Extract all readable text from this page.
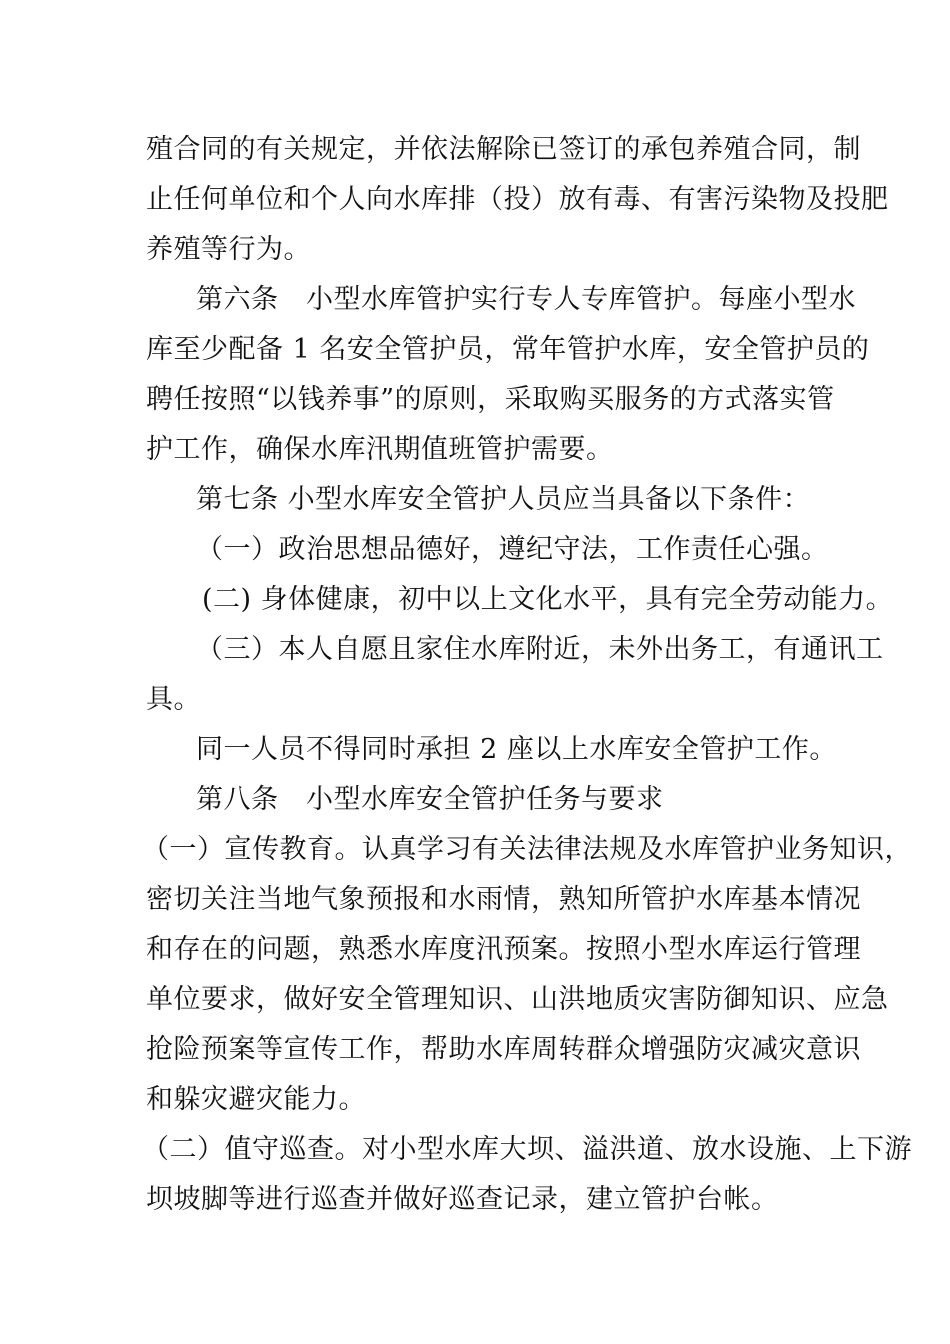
殖合同的有关规定，并依法解除已签订的承包养殖合同，制
止任何单位和个人向水库排（投）放有毒、有害污染物及投肥
养殖等行为。
第六条　小型水库管护实行专人专库管护。每座小型水
库至少配备 1 名安全管护员，常年管护水库，安全管护员的
聘任按照“以钱养事”的原则，采取购买服务的方式落实管
护工作，确保水库汛期值班管护需要。
第七条 小型水库安全管护人员应当具备以下条件：
（一）政治思想品德好，遵纪守法，工作责任心强。
(二) 身体健康，初中以上文化水平，具有完全劳动能力。
（三）本人自愿且家住水库附近，未外出务工，有通讯工
具。
同一人员不得同时承担 2 座以上水库安全管护工作。
第八条　小型水库安全管护任务与要求
（一）宣传教育。认真学习有关法律法规及水库管护业务知识，
密切关注当地气象预报和水雨情，熟知所管护水库基本情况
和存在的问题，熟悉水库度汛预案。按照小型水库运行管理
单位要求，做好安全管理知识、山洪地质灾害防御知识、应急
抢险预案等宣传工作，帮助水库周转群众增强防灾减灾意识
和躲灾避灾能力。
（二）值守巡查。对小型水库大坝、溢洪道、放水设施、上下游
坝坡脚等进行巡查并做好巡查记录，建立管护台帐。
